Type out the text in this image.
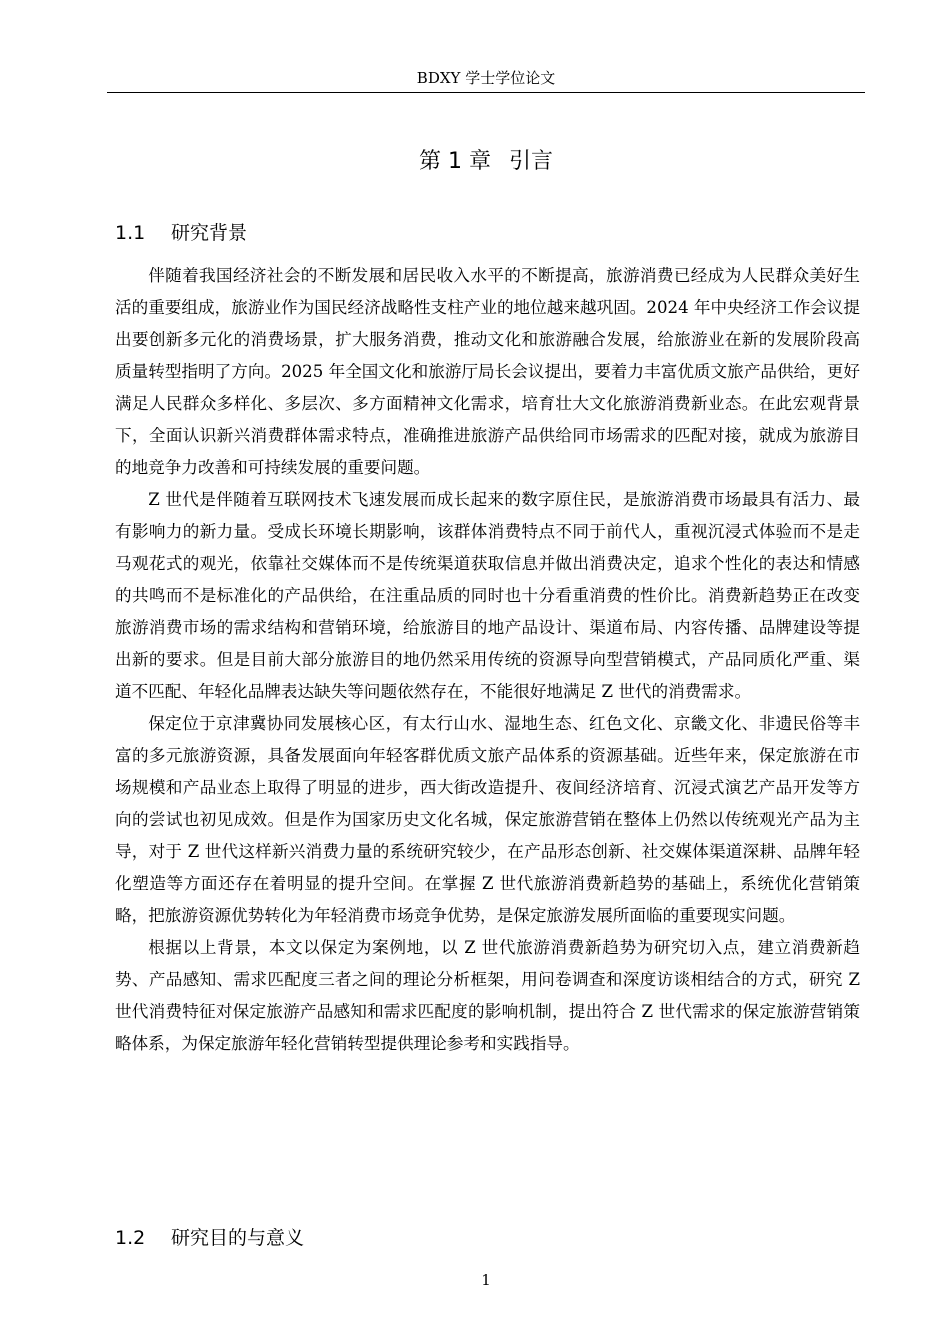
BDXY 学士学位论文
第 1 章 引言
1.1 研究背景

伴随着我国经济社会的不断发展和居民收入水平的不断提高，旅游消费已经成为人民群众美好生活的重要组成，旅游业作为国民经济战略性支柱产业的地位越来越巩固。2024 年中央经济工作会议提出要创新多元化的消费场景，扩大服务消费，推动文化和旅游融合发展，给旅游业在新的发展阶段高质量转型指明了方向。2025 年全国文化和旅游厅局长会议提出，要着力丰富优质文旅产品供给，更好满足人民群众多样化、多层次、多方面精神文化需求，培育壮大文化旅游消费新业态。在此宏观背景下，全面认识新兴消费群体需求特点，准确推进旅游产品供给同市场需求的匹配对接，就成为旅游目的地竞争力改善和可持续发展的重要问题。

Z 世代是伴随着互联网技术飞速发展而成长起来的数字原住民，是旅游消费市场最具有活力、最有影响力的新力量。受成长环境长期影响，该群体消费特点不同于前代人，重视沉浸式体验而不是走马观花式的观光，依靠社交媒体而不是传统渠道获取信息并做出消费决定，追求个性化的表达和情感的共鸣而不是标准化的产品供给，在注重品质的同时也十分看重消费的性价比。消费新趋势正在改变旅游消费市场的需求结构和营销环境，给旅游目的地产品设计、渠道布局、内容传播、品牌建设等提出新的要求。但是目前大部分旅游目的地仍然采用传统的资源导向型营销模式，产品同质化严重、渠道不匹配、年轻化品牌表达缺失等问题依然存在，不能很好地满足 Z 世代的消费需求。

保定位于京津冀协同发展核心区，有太行山水、湿地生态、红色文化、京畿文化、非遗民俗等丰富的多元旅游资源，具备发展面向年轻客群优质文旅产品体系的资源基础。近些年来，保定旅游在市场规模和产品业态上取得了明显的进步，西大街改造提升、夜间经济培育、沉浸式演艺产品开发等方向的尝试也初见成效。但是作为国家历史文化名城，保定旅游营销在整体上仍然以传统观光产品为主导，对于 Z 世代这样新兴消费力量的系统研究较少，在产品形态创新、社交媒体渠道深耕、品牌年轻化塑造等方面还存在着明显的提升空间。在掌握 Z 世代旅游消费新趋势的基础上，系统优化营销策略，把旅游资源优势转化为年轻消费市场竞争优势，是保定旅游发展所面临的重要现实问题。

根据以上背景，本文以保定为案例地，以 Z 世代旅游消费新趋势为研究切入点，建立消费新趋势、产品感知、需求匹配度三者之间的理论分析框架，用问卷调查和深度访谈相结合的方式，研究 Z 世代消费特征对保定旅游产品感知和需求匹配度的影响机制，提出符合 Z 世代需求的保定旅游营销策略体系，为保定旅游年轻化营销转型提供理论参考和实践指导。

1.2 研究目的与意义
1
